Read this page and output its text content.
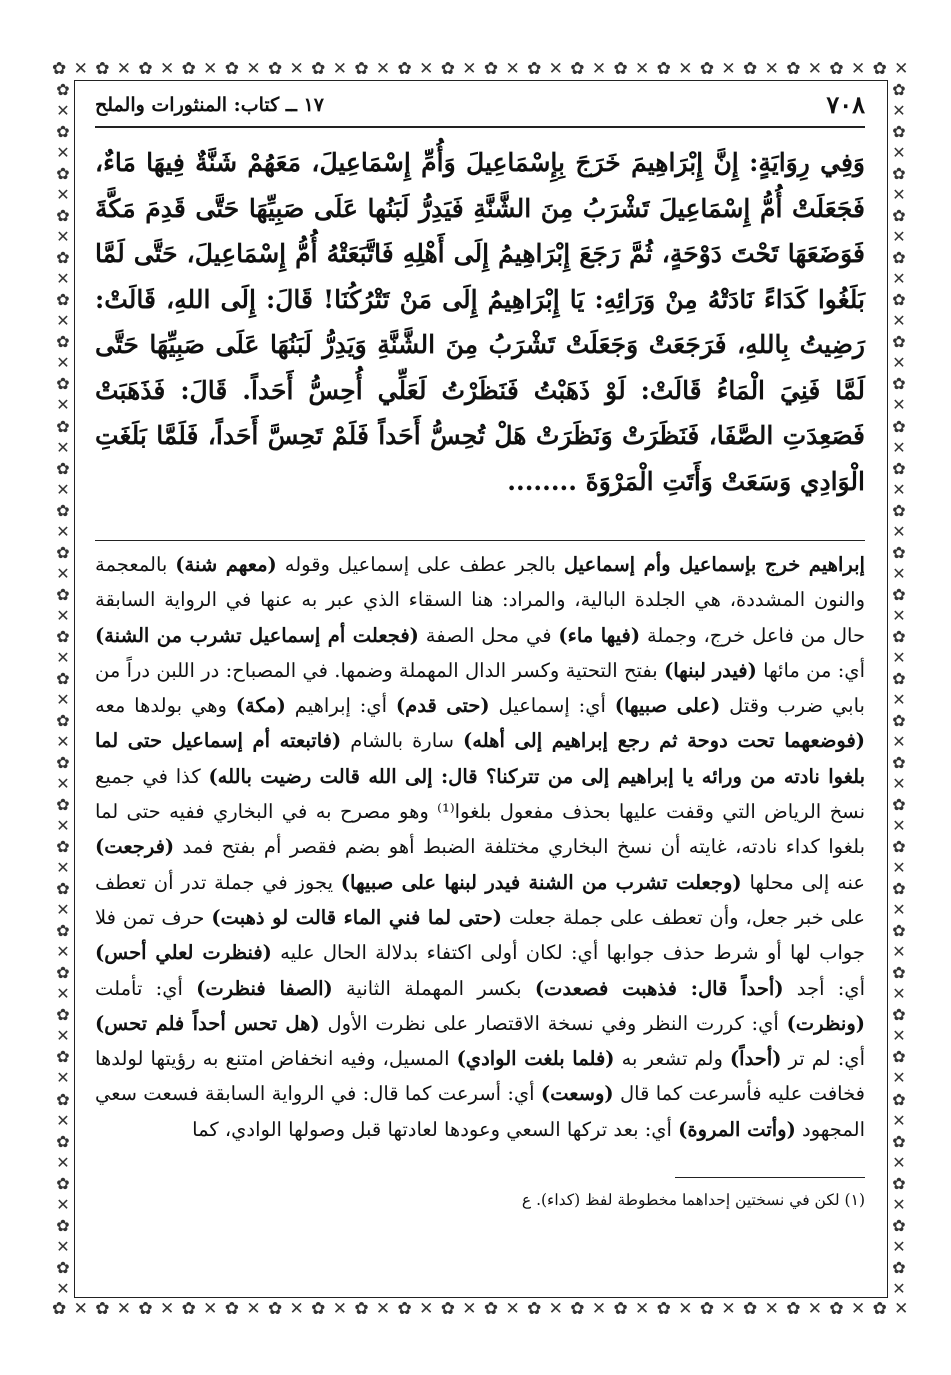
✿ ✕ ✿ ✕ ✿ ✕ ✿ ✕ ✿ ✕ ✿ ✕ ✿ ✕ ✿ ✕ ✿ ✕ ✿ ✕ ✿ ✕ ✿ ✕ ✿ ✕ ✿ ✕ ✿ ✕ ✿ ✕ ✿ ✕ ✿ ✕ ✿ ✕ ✿ ✕
✿ ✕ ✿ ✕ ✿ ✕ ✿ ✕ ✿ ✕ ✿ ✕ ✿ ✕ ✿ ✕ ✿ ✕ ✿ ✕ ✿ ✕ ✿ ✕ ✿ ✕ ✿ ✕ ✿ ✕ ✿ ✕ ✿ ✕ ✿ ✕ ✿ ✕ ✿ ✕
✿
✕
✿
✕
✿
✕
✿
✕
✿
✕
✿
✕
✿
✕
✿
✕
✿
✕
✿
✕
✿
✕
✿
✕
✿
✕
✿
✕
✿
✕
✿
✕
✿
✕
✿
✕
✿
✕
✿
✕
✿
✕
✿
✕
✿
✕
✿
✕
✿
✕
✿
✕
✿
✕
✿
✕
✿
✕
✿
✕
✿
✕
✿
✕
✿
✕
✿
✕
✿
✕
✿
✕
✿
✕
✿
✕
✿
✕
✿
✕
✿
✕
✿
✕
✿
✕
✿
✕
✿
✕
✿
✕
✿
✕
✿
✕
✿
✕
✿
✕
✿
✕
✿
✕
✿
✕
✿
✕
✿
✕
✿
✕
✿
✕
✿
✕
٧٠٨
١٧ ــ كتاب: المنثورات والملح
وَفِي رِوَايَةٍ: إِنَّ إِبْرَاهِيمَ خَرَجَ بِإِسْمَاعِيلَ وَأُمِّ إِسْمَاعِيلَ، مَعَهُمْ شَنَّةٌ فِيهَا مَاءٌ، فَجَعَلَتْ أُمُّ إِسْمَاعِيلَ تَشْرَبُ مِنَ الشَّنَّةِ فَيَدِرُّ لَبَنُها عَلَى صَبِيِّهَا حَتَّى قَدِمَ مَكَّةَ فَوَضَعَهَا تَحْتَ دَوْحَةٍ، ثُمَّ رَجَعَ إِبْرَاهِيمُ إِلَى أَهْلِهِ فَاتَّبَعَتْهُ أُمُّ إِسْمَاعِيلَ، حَتَّى لَمَّا بَلَغُوا كَدَاءً نَادَتْهُ مِنْ وَرَائِهِ: يَا إِبْرَاهِيمُ إِلَى مَنْ تَتْرُكُنَا! قَالَ: إِلَى اللهِ، قَالَتْ: رَضِيتُ بِاللهِ، فَرَجَعَتْ وَجَعَلَتْ تَشْرَبُ مِنَ الشَّنَّةِ وَيَدِرُّ لَبَنُهَا عَلَى صَبِيِّهَا حَتَّى لَمَّا فَنِيَ الْمَاءُ قَالَتْ: لَوْ ذَهَبْتُ فَنَظَرْتُ لَعَلِّي أُحِسُّ أَحَداً. قَالَ: فَذَهَبَتْ فَصَعِدَتِ الصَّفَا، فَنَظَرَتْ وَنَظَرَتْ هَلْ تُحِسُّ أَحَداً فَلَمْ تَحِسَّ أَحَداً، فَلَمَّا بَلَغَتِ الْوَادِي وَسَعَتْ وَأَتَتِ الْمَرْوَةَ ........
إبراهيم خرج بإسماعيل وأم إسماعيل بالجر عطف على إسماعيل وقوله (معهم شنة) بالمعجمة والنون المشددة، هي الجلدة البالية، والمراد: هنا السقاء الذي عبر به عنها في الرواية السابقة حال من فاعل خرج، وجملة (فيها ماء) في محل الصفة (فجعلت أم إسماعيل تشرب من الشنة) أي: من مائها (فيدر لبنها) بفتح التحتية وكسر الدال المهملة وضمها. في المصباح: در اللبن دراً من بابي ضرب وقتل (على صبيها) أي: إسماعيل (حتى قدم) أي: إبراهيم (مكة) وهي بولدها معه (فوضعهما تحت دوحة ثم رجع إبراهيم إلى أهله) سارة بالشام (فاتبعته أم إسماعيل حتى لما بلغوا نادته من ورائه يا إبراهيم إلى من تتركنا؟ قال: إلى الله قالت رضيت بالله) كذا في جميع نسخ الرياض التي وقفت عليها بحذف مفعول بلغوا⁽¹⁾ وهو مصرح به في البخاري ففيه حتى لما بلغوا كداء نادته، غايته أن نسخ البخاري مختلفة الضبط أهو بضم فقصر أم بفتح فمد (فرجعت) عنه إلى محلها (وجعلت تشرب من الشنة فيدر لبنها على صبيها) يجوز في جملة تدر أن تعطف على خبر جعل، وأن تعطف على جملة جعلت (حتى لما فني الماء قالت لو ذهبت) حرف تمن فلا جواب لها أو شرط حذف جوابها أي: لكان أولى اكتفاء بدلالة الحال عليه (فنظرت لعلي أحس) أي: أجد (أحداً قال: فذهبت فصعدت) بكسر المهملة الثانية (الصفا فنظرت) أي: تأملت (ونظرت) أي: كررت النظر وفي نسخة الاقتصار على نظرت الأول (هل تحس أحداً فلم تحس) أي: لم تر (أحداً) ولم تشعر به (فلما بلغت الوادي) المسيل، وفيه انخفاض امتنع به رؤيتها لولدها فخافت عليه فأسرعت كما قال (وسعت) أي: أسرعت كما قال: في الرواية السابقة فسعت سعي المجهود (وأتت المروة) أي: بعد تركها السعي وعودها لعادتها قبل وصولها الوادي، كما
(١) لكن في نسختين إحداهما مخطوطة لفظ (كداء). ع
